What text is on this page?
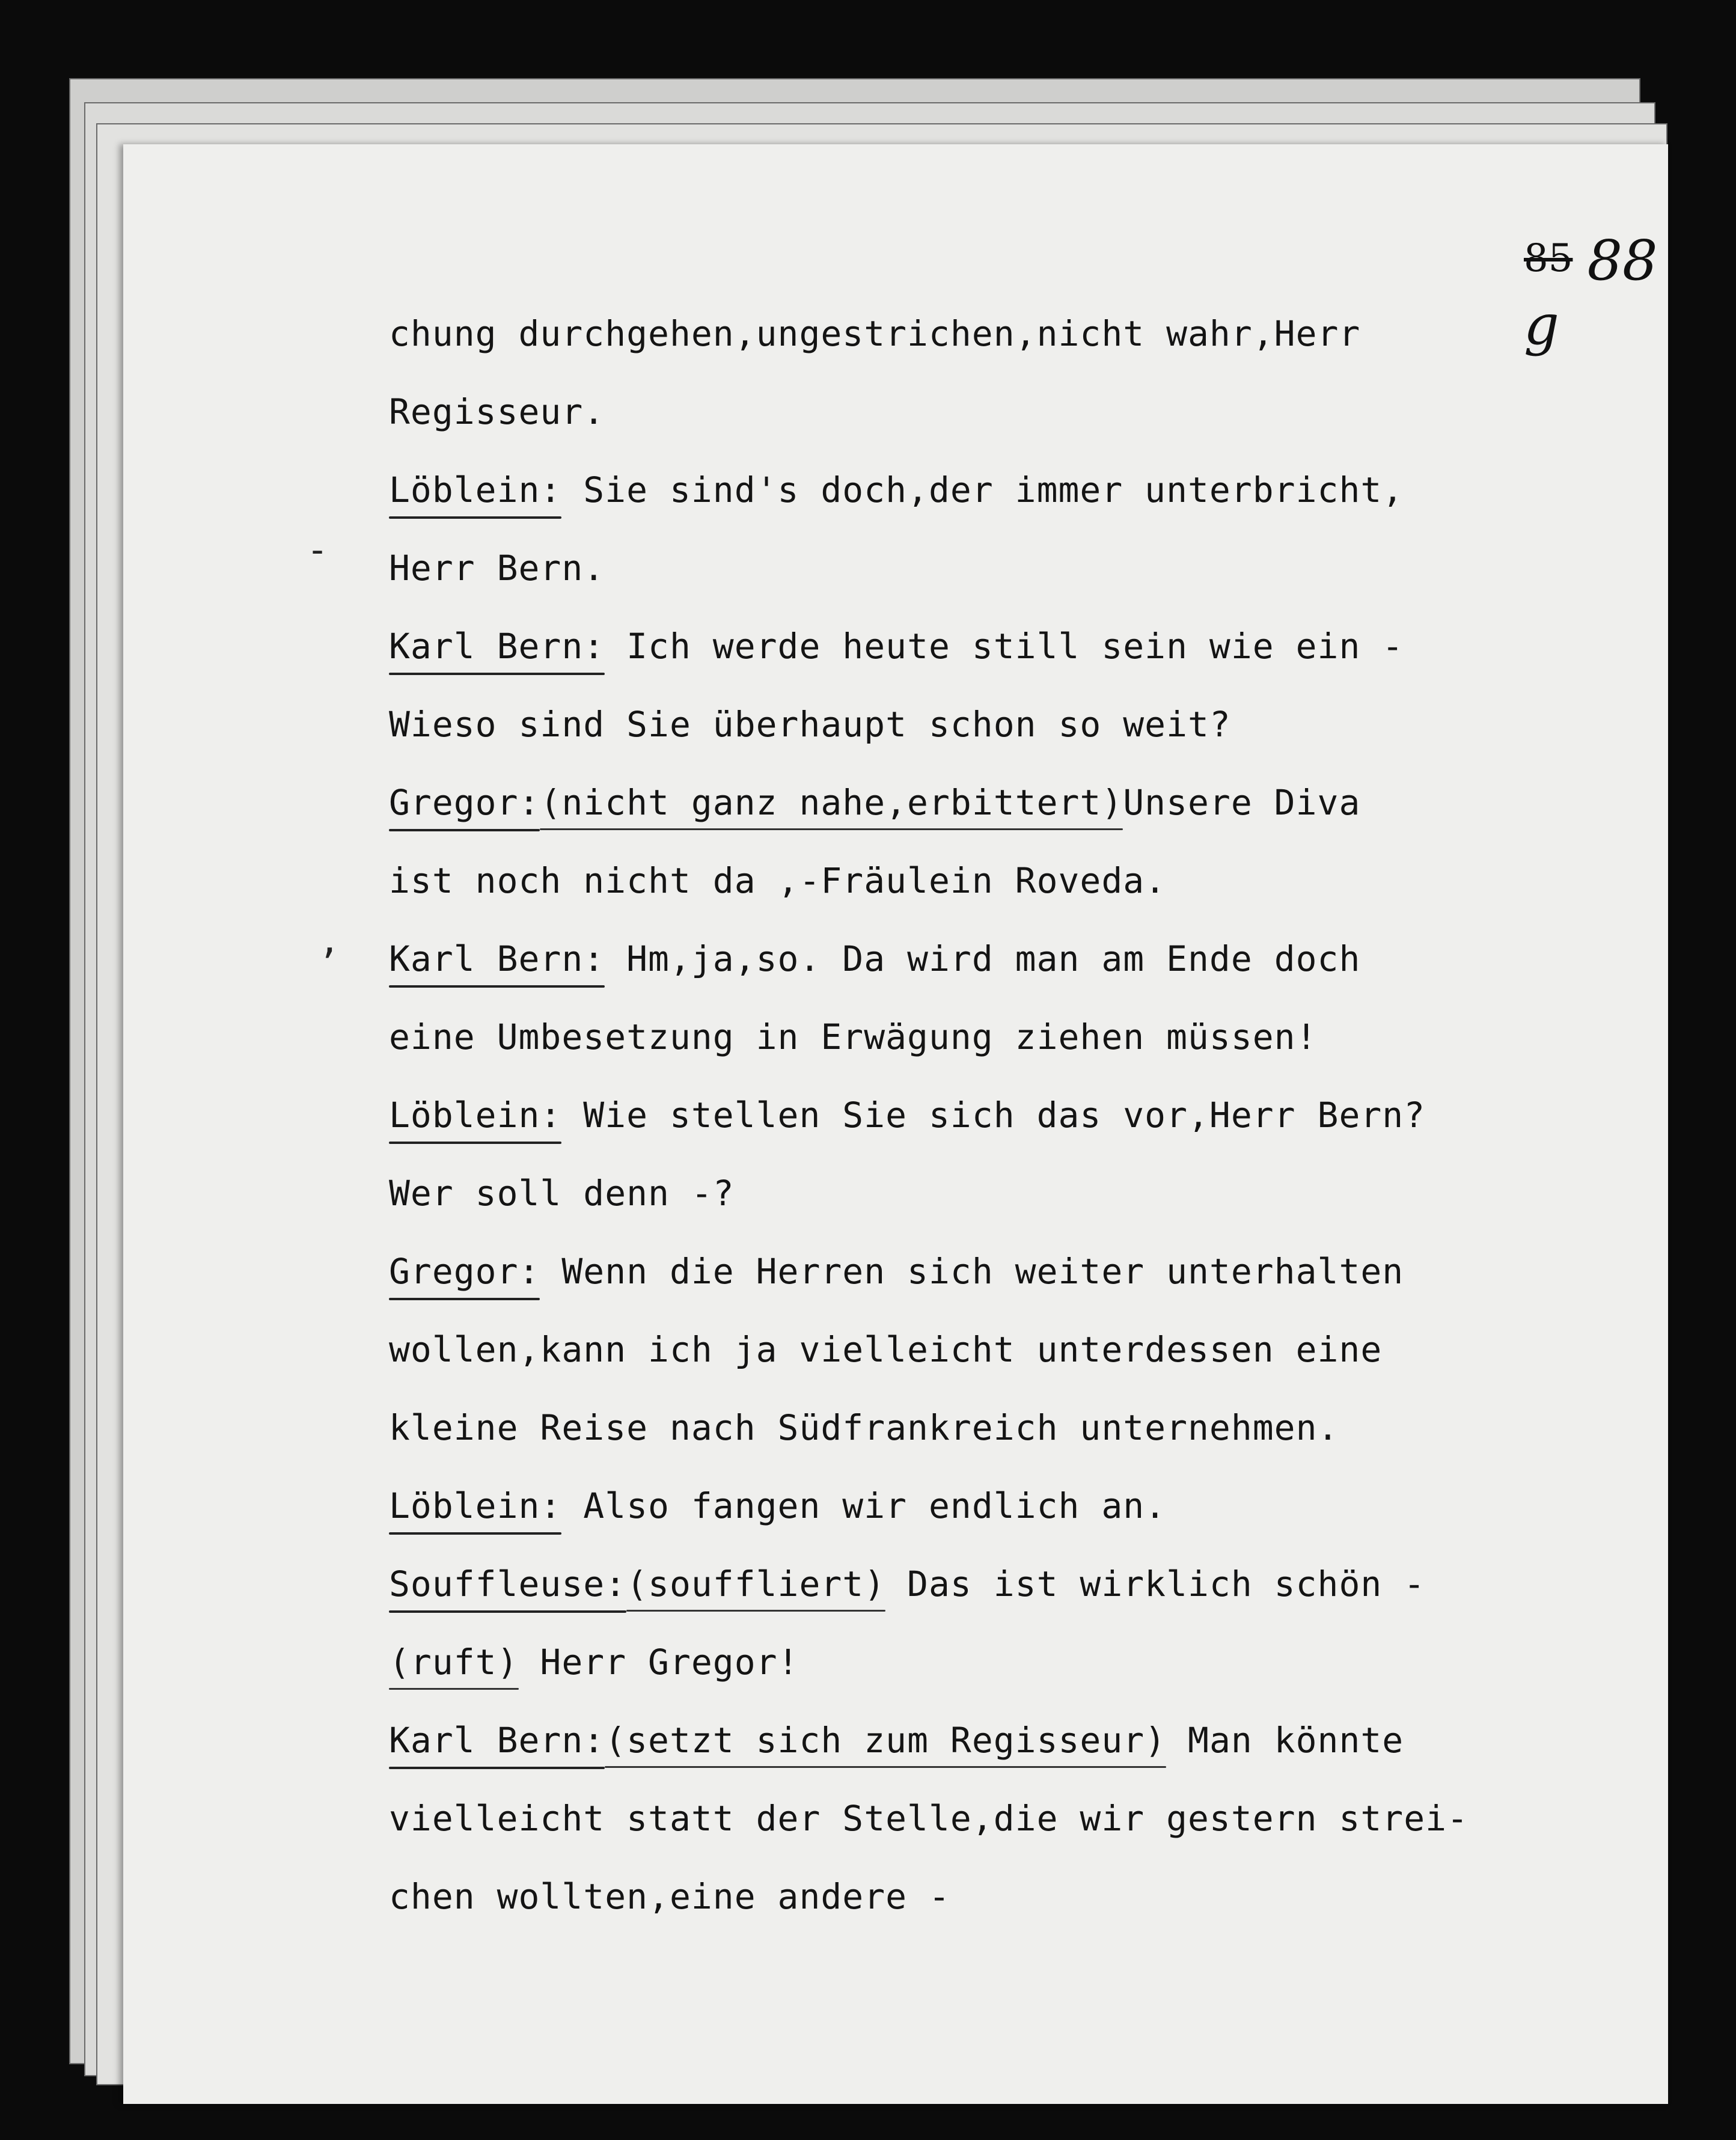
85 88 g
-
,
chung durchgehen,ungestrichen,nicht wahr,Herr
Regisseur.
Löblein: Sie sind's doch,der immer unterbricht,
Herr Bern.
Karl Bern: Ich werde heute still sein wie ein -
Wieso sind Sie überhaupt schon so weit?
Gregor:(nicht ganz nahe,erbittert)Unsere Diva
ist noch nicht da ,-Fräulein Roveda.
Karl Bern: Hm,ja,so. Da wird man am Ende doch
eine Umbesetzung in Erwägung ziehen müssen!
Löblein: Wie stellen Sie sich das vor,Herr Bern?
Wer soll denn -?
Gregor: Wenn die Herren sich weiter unterhalten
wollen,kann ich ja vielleicht unterdessen eine
kleine Reise nach Südfrankreich unternehmen.
Löblein: Also fangen wir endlich an.
Souffleuse:(souffliert) Das ist wirklich schön -
(ruft) Herr Gregor!
Karl Bern:(setzt sich zum Regisseur) Man könnte
vielleicht statt der Stelle,die wir gestern strei-
chen wollten,eine andere -
